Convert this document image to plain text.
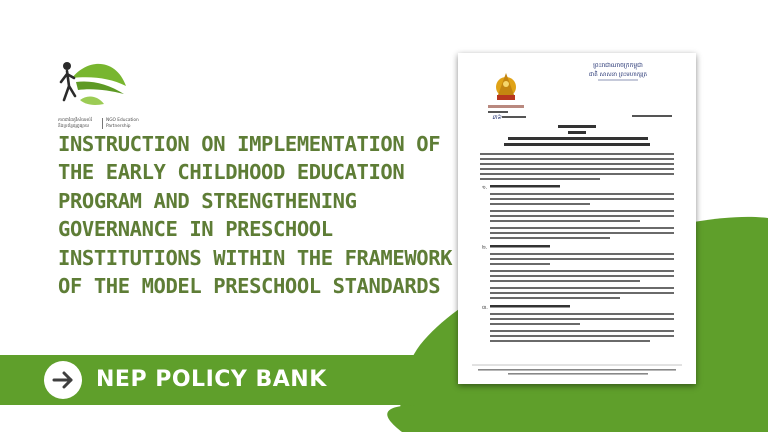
NEP POLICY BANK
ភាពជាដៃគូវិស័យអប់រំ
និងប្រព័ន្ធផ្សព្វផ្សាយ
NGO Education
Partnership
INSTRUCTION ON IMPLEMENTATION OF
THE EARLY CHILDHOOD EDUCATION
PROGRAM AND STRENGTHENING
GOVERNANCE IN PRESCHOOL
INSTITUTIONS WITHIN THE FRAMEWORK
OF THE MODEL PRESCHOOL STANDARDS
ព្រះរាជាណាចក្រកម្ពុជា
ជាតិ សាសនា ព្រះមហាក្សត្រ
៣៦
១.
២.
៣.
